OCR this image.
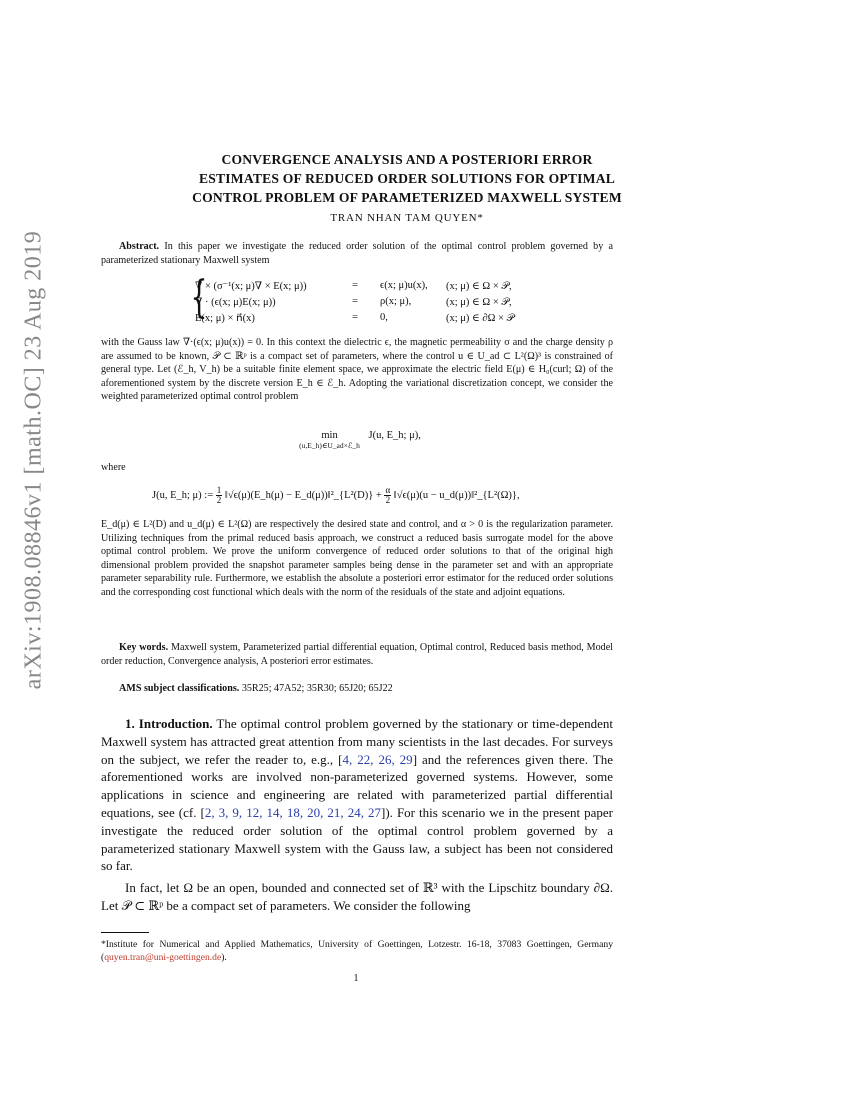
arXiv:1908.08846v1 [math.OC] 23 Aug 2019
CONVERGENCE ANALYSIS AND A POSTERIORI ERROR
ESTIMATES OF REDUCED ORDER SOLUTIONS FOR OPTIMAL
CONTROL PROBLEM OF PARAMETERIZED MAXWELL SYSTEM
TRAN NHAN TAM QUYEN*
Abstract. In this paper we investigate the reduced order solution of the optimal control problem governed by a parameterized stationary Maxwell system
{
∇ × (σ⁻¹(x; μ)∇ × E(x; μ))	= ϵ(x; μ)u(x), (x; μ) ∈ Ω × 𝒫,
∇ · (ϵ(x; μ)E(x; μ))	= ρ(x; μ),	(x; μ) ∈ Ω × 𝒫,
E(x; μ) × n⃗(x)	= 0,	(x; μ) ∈ ∂Ω × 𝒫
with the Gauss law ∇·(ϵ(x; μ)u(x)) = 0. In this context the dielectric ϵ, the magnetic permeability σ and the charge density ρ are assumed to be known, 𝒫 ⊂ ℝᵖ is a compact set of parameters, where the control u ∈ U_ad ⊂ L²(Ω)³ is constrained of general type. Let (ℰ_h, V_h) be a suitable finite element space, we approximate the electric field E(μ) ∈ H₀(curl; Ω) of the aforementioned system by the discrete version E_h ∈ ℰ_h. Adopting the variational discretization concept, we consider the weighted parameterized optimal control problem
min
(u,E_h)∈U_ad×ℰ_h
J(u, E_h; μ),
where
J(u, E_h; μ) := $\frac{1}{2}$ ‖√ϵ(μ)(E_h(μ) − E_d(μ))‖²_{L²(D)} + $\frac{\alpha}{2}$ ‖√ϵ(μ)(u − u_d(μ))‖²_{L²(Ω)},
E_d(μ) ∈ L²(D) and u_d(μ) ∈ L²(Ω) are respectively the desired state and control, and α > 0 is the regularization parameter. Utilizing techniques from the primal reduced basis approach, we construct a reduced basis surrogate model for the above optimal control problem. We prove the uniform convergence of reduced order solutions to that of the original high dimensional problem provided the snapshot parameter samples being dense in the parameter set and with an appropriate parameter separability rule. Furthermore, we establish the absolute a posteriori error estimator for the reduced order solutions and the corresponding cost functional which deals with the norm of the residuals of the state and adjoint equations.
Key words. Maxwell system, Parameterized partial differential equation, Optimal control, Reduced basis method, Model order reduction, Convergence analysis, A posteriori error estimates.
AMS subject classifications. 35R25; 47A52; 35R30; 65J20; 65J22
1. Introduction. The optimal control problem governed by the stationary or time-dependent Maxwell system has attracted great attention from many scientists in the last decades. For surveys on the subject, we refer the reader to, e.g., [4, 22, 26, 29] and the references given there. The aforementioned works are involved non-parameterized governed systems. However, some applications in science and engineering are related with parameterized partial differential equations, see (cf. [2, 3, 9, 12, 14, 18, 20, 21, 24, 27]). For this scenario we in the present paper investigate the reduced order solution of the optimal control problem governed by a parameterized stationary Maxwell system with the Gauss law, a subject has been not considered so far.
In fact, let Ω be an open, bounded and connected set of ℝ³ with the Lipschitz boundary ∂Ω. Let 𝒫 ⊂ ℝᵖ be a compact set of parameters. We consider the following
*Institute for Numerical and Applied Mathematics, University of Goettingen, Lotzestr. 16-18, 37083 Goettingen, Germany (quyen.tran@uni-goettingen.de).
1
